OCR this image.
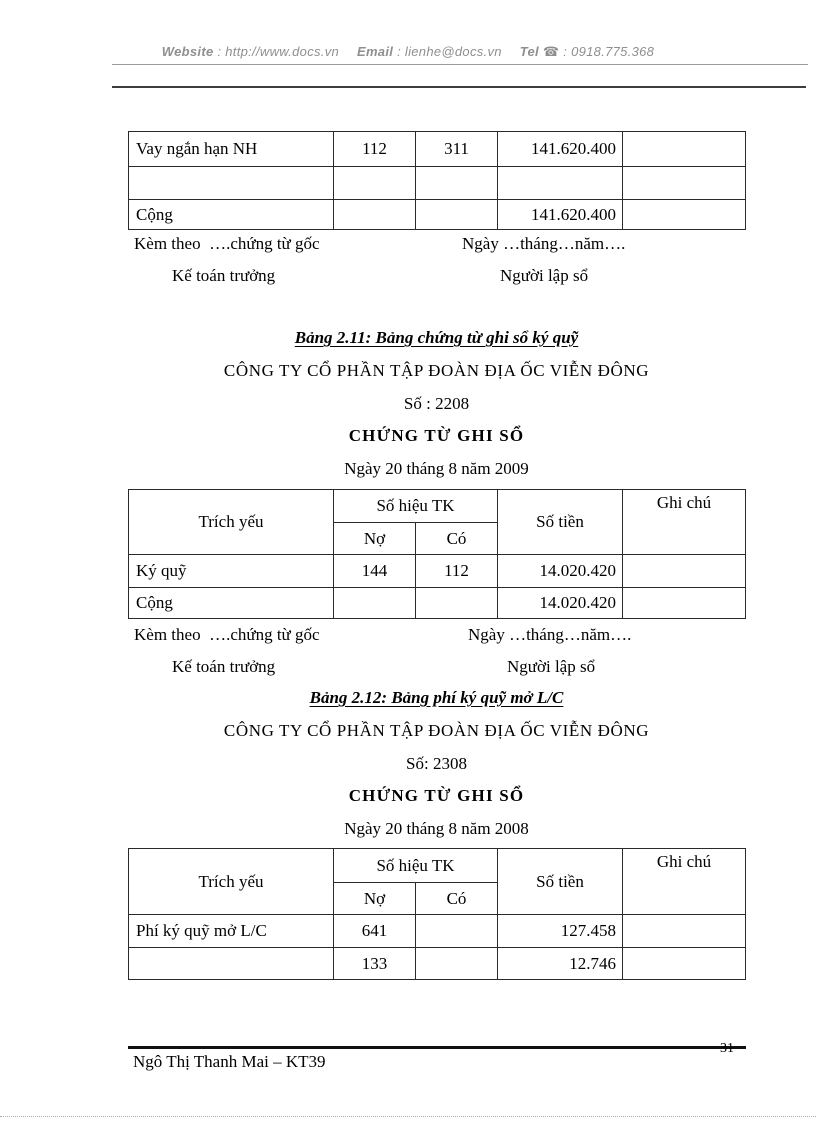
Website : http://www.docs.vn Email : lienhe@docs.vn Tel ☎ : 0918.775.368
Vay ngắn hạn NH	112	311	141.620.400	

Cộng			141.620.400	
Kèm theo  ….chứng từ gốc	Ngày …tháng…năm….
Kế toán trưởng	Người lập sổ
Bảng 2.11: Bảng chứng từ ghi sổ ký quỹ
CÔNG TY CỔ PHẦN TẬP ĐOÀN ĐỊA ỐC VIỄN ĐÔNG
Số : 2208
CHỨNG TỪ GHI SỔ
Ngày 20 tháng 8 năm 2009
Trích yếu	Số hiệu TK		Số tiền	Ghi chú
	Nợ	Có		
Ký quỹ	144	112	14.020.420	
Cộng			14.020.420	
Kèm theo  ….chứng từ gốc	Ngày …tháng…năm….
Kế toán trưởng	Người lập sổ
Bảng 2.12: Bảng phí ký quỹ mở L/C
CÔNG TY CỔ PHẦN TẬP ĐOÀN ĐỊA ỐC VIỄN ĐÔNG
Số: 2308
CHỨNG TỪ GHI SỔ
Ngày 20 tháng 8 năm 2008
Trích yếu	Số hiệu TK		Số tiền	Ghi chú
	Nợ	Có		
Phí ký quỹ mở L/C	641		127.458	
	133		12.746	
Ngô Thị Thanh Mai – KT39
31
